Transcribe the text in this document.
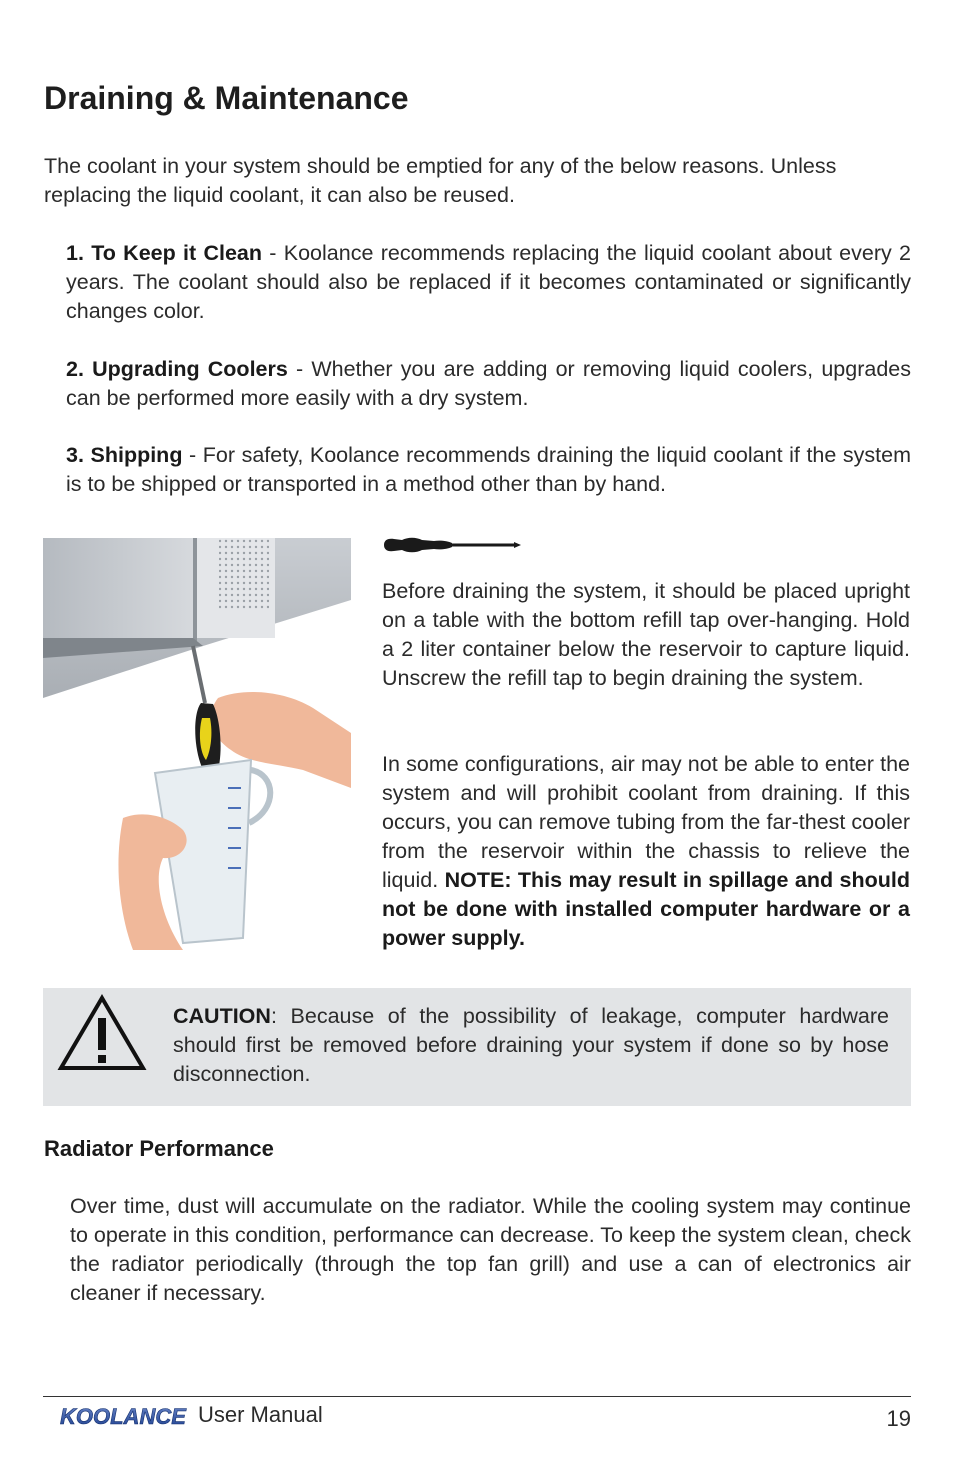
Draining & Maintenance

The coolant in your system should be emptied for any of the below reasons. Unless replacing the liquid coolant, it can also be reused.

1. To Keep it Clean - Koolance recommends replacing the liquid coolant about every 2 years. The coolant should also be replaced if it becomes contaminated or significantly changes color.

2. Upgrading Coolers - Whether you are adding or removing liquid coolers, upgrades can be performed more easily with a dry system.

3. Shipping - For safety, Koolance recommends draining the liquid coolant if the system is to be shipped or transported in a method other than by hand.

Before draining the system, it should be placed upright on a table with the bottom refill tap over-hanging. Hold a 2 liter container below the reservoir to capture liquid. Unscrew the refill tap to begin draining the system.

In some configurations, air may not be able to enter the system and will prohibit coolant from draining. If this occurs, you can remove tubing from the far-thest cooler from the reservoir within the chassis to relieve the liquid. NOTE: This may result in spillage and should not be done with installed computer hardware or a power supply.

CAUTION: Because of the possibility of leakage, computer hardware should first be removed before draining your system if done so by hose disconnection.

Radiator Performance

Over time, dust will accumulate on the radiator. While the cooling system may continue to operate in this condition, performance can decrease. To keep the system clean, check the radiator periodically (through the top fan grill) and use a can of electronics air cleaner if necessary.

KOOLANCE User Manual	19
